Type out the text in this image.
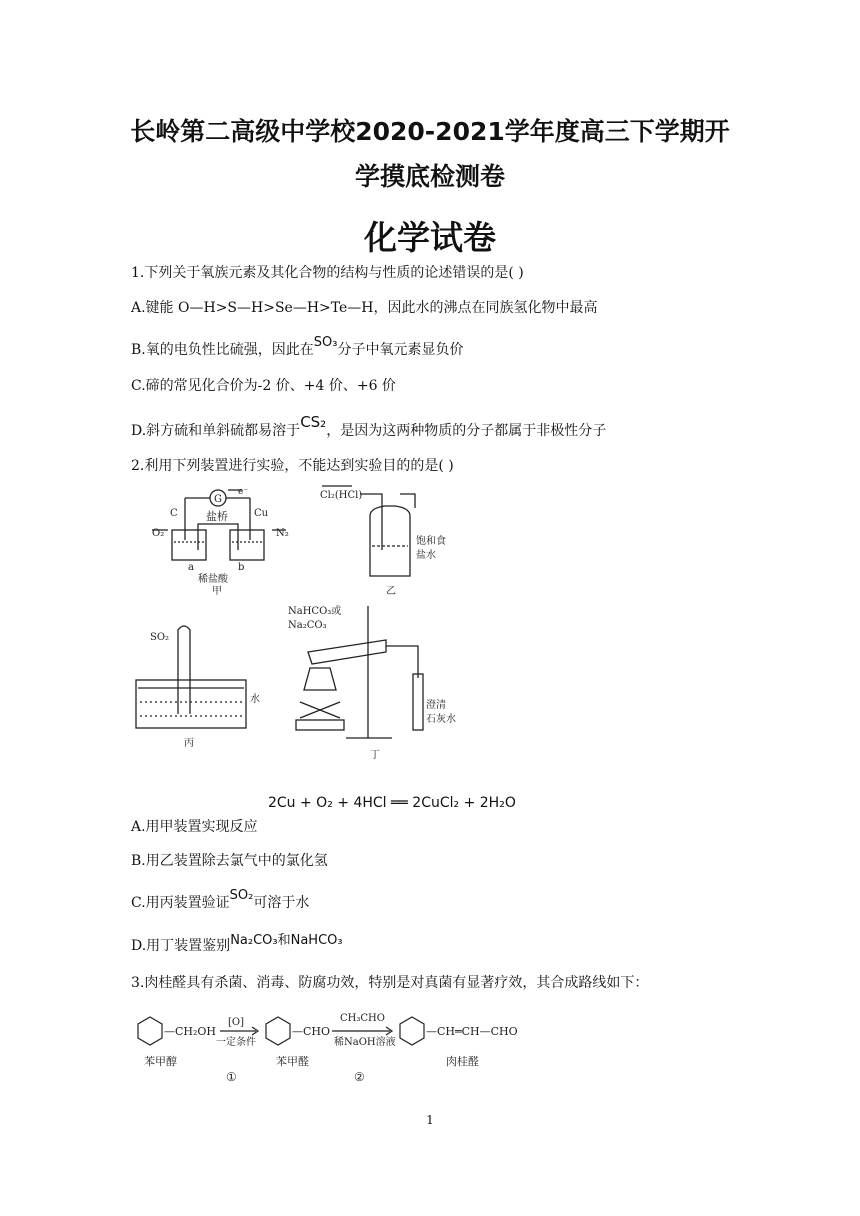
长岭第二高级中学校2020-2021学年度高三下学期开
学摸底检测卷
化学试卷
1.下列关于氧族元素及其化合物的结构与性质的论述错误的是( )
A.键能 O—H>S—H>Se—H>Te—H，因此水的沸点在同族氢化物中最高
B.氧的电负性比硫强，因此在SO₃分子中氧元素显负价
C.碲的常见化合价为-2 价、+4 价、+6 价
D.斜方硫和单斜硫都易溶于CS₂，是因为这两种物质的分子都属于非极性分子
2.利用下列装置进行实验，不能达到实验目的的是( )
G
e⁻
盐桥
C	Cu
O₂	N₂
a	b
稀盐酸
甲
Cl₂(HCl)
饱和食
盐水
乙
SO₂
水
丙
NaHCO₃或
Na₂CO₃
澄清
石灰水
丁
2Cu + O₂ + 4HCl ══ 2CuCl₂ + 2H₂O
A.用甲装置实现反应
B.用乙装置除去氯气中的氯化氢
C.用丙装置验证SO₂可溶于水
D.用丁装置鉴别Na₂CO₃和NaHCO₃
3.肉桂醛具有杀菌、消毒、防腐功效，特别是对真菌有显著疗效，其合成路线如下：
—CH₂OH
苯甲醇
[O]
一定条件
①
—CHO
苯甲醛
CH₃CHO
稀NaOH溶液
②
—CH═CH—CHO
肉桂醛
1
